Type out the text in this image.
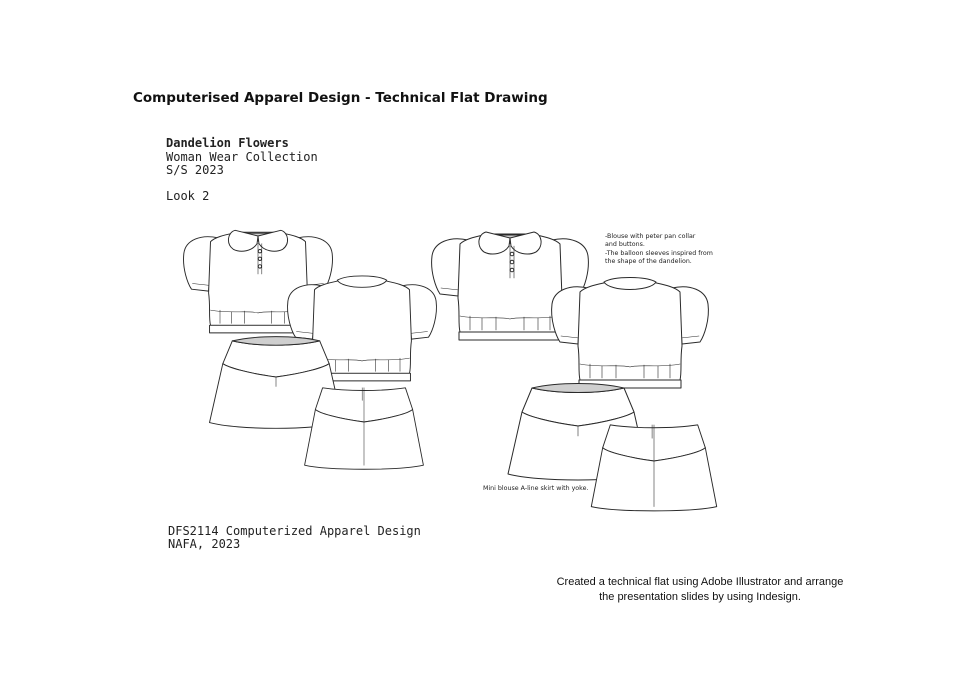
Computerised Apparel Design - Technical Flat Drawing
Dandelion Flowers
Woman Wear Collection
S/S 2023
Look 2
-Blouse with peter pan collar
and buttons.
-The balloon sleeves inspired from
the shape of the dandelion.
Mini blouse A-line skirt with yoke.
DFS2114 Computerized Apparel Design
NAFA, 2023
Created a technical flat using Adobe Illustrator and arrange
the presentation slides by using Indesign.
